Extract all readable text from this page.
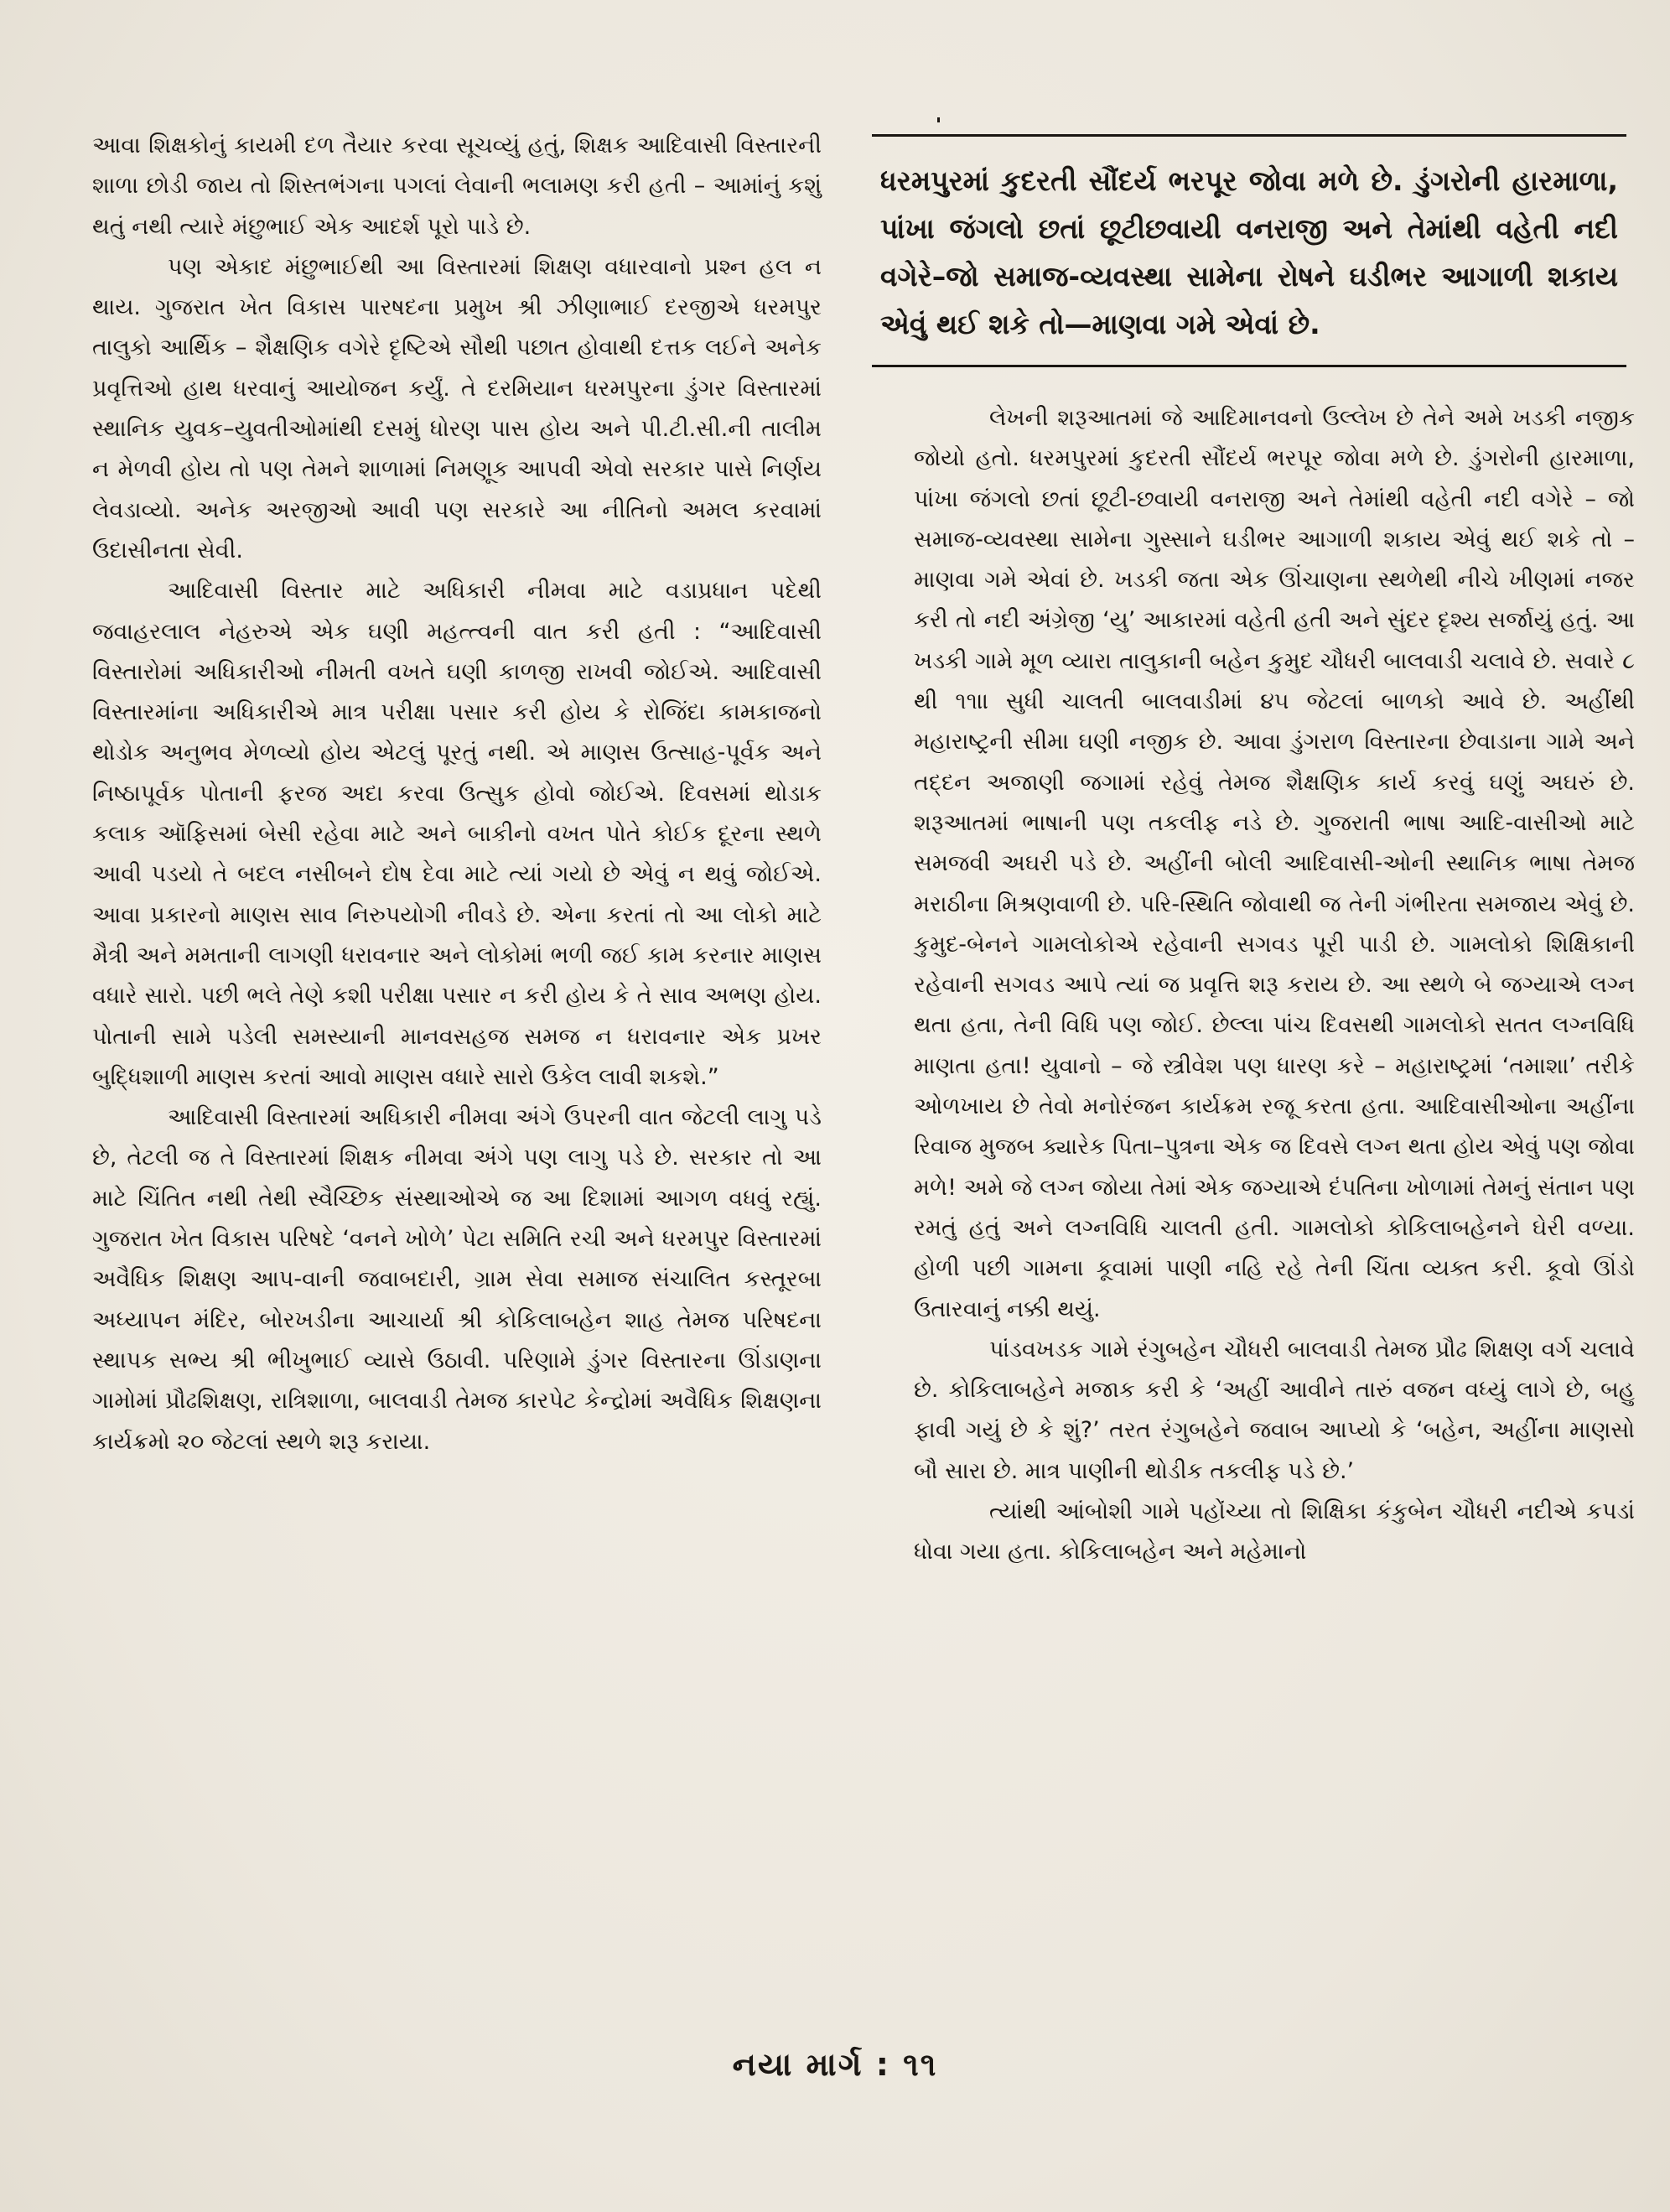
આવા શિક્ષકોનું કાયમી દળ તૈયાર કરવા સૂચવ્યું હતું, શિક્ષક આદિવાસી વિસ્તારની શાળા છોડી જાય તો શિસ્તભંગના પગલાં લેવાની ભલામણ કરી હતી – આમાંનું કશું થતું નથી ત્યારે મંછુભાઈ એક આદર્શ પૂરો પાડે છે.

પણ એકાદ મંછુભાઈથી આ વિસ્તારમાં શિક્ષણ વધારવાનો પ્રશ્ન હલ ન થાય. ગુજરાત ખેત વિકાસ પારષદના પ્રમુખ શ્રી ઝીણાભાઈ દરજીએ ધરમપુર તાલુકો આર્થિક – શૈક્ષણિક વગેરે દૃષ્ટિએ સૌથી પછાત હોવાથી દત્તક લઈને અનેક પ્રવૃત્તિઓ હાથ ધરવાનું આયોજન કર્યું. તે દરમિયાન ધરમપુરના ડુંગર વિસ્તારમાં સ્થાનિક યુવક–યુવતીઓમાંથી દસમું ધોરણ પાસ હોય અને પી.ટી.સી.ની તાલીમ ન મેળવી હોય તો પણ તેમને શાળામાં નિમણૂક આપવી એવો સરકાર પાસે નિર્ણય લેવડાવ્યો. અનેક અરજીઓ આવી પણ સરકારે આ નીતિનો અમલ કરવામાં ઉદાસીનતા સેવી.

આદિવાસી વિસ્તાર માટે અધિકારી નીમવા માટે વડાપ્રધાન પદેથી જવાહરલાલ નેહરુએ એક ઘણી મહત્ત્વની વાત કરી હતી : “આદિવાસી વિસ્તારોમાં અધિકારીઓ નીમતી વખતે ઘણી કાળજી રાખવી જોઈએ. આદિવાસી વિસ્તારમાંના અધિકારીએ માત્ર પરીક્ષા પસાર કરી હોય કે રોજિંદા કામકાજનો થોડોક અનુભવ મેળવ્યો હોય એટલું પૂરતું નથી. એ માણસ ઉત્સાહ-પૂર્વક અને નિષ્ઠાપૂર્વક પોતાની ફરજ અદા કરવા ઉત્સુક હોવો જોઈએ. દિવસમાં થોડાક કલાક ઑફિસમાં બેસી રહેવા માટે અને બાકીનો વખત પોતે કોઈક દૂરના સ્થળે આવી પડયો તે બદલ નસીબને દોષ દેવા માટે ત્યાં ગયો છે એવું ન થવું જોઈએ. આવા પ્રકારનો માણસ સાવ નિરુપયોગી નીવડે છે. એના કરતાં તો આ લોકો માટે મૈત્રી અને મમતાની લાગણી ધરાવનાર અને લોકોમાં ભળી જઈ કામ કરનાર માણસ વધારે સારો. પછી ભલે તેણે કશી પરીક્ષા પસાર ન કરી હોય કે તે સાવ અભણ હોય. પોતાની સામે પડેલી સમસ્યાની માનવસહજ સમજ ન ધરાવનાર એક પ્રખર બુદ્ધિશાળી માણસ કરતાં આવો માણસ વધારે સારો ઉકેલ લાવી શકશે.”

આદિવાસી વિસ્તારમાં અધિકારી નીમવા અંગે ઉપરની વાત જેટલી લાગુ પડે છે, તેટલી જ તે વિસ્તારમાં શિક્ષક નીમવા અંગે પણ લાગુ પડે છે. સરકાર તો આ માટે ચિંતિત નથી તેથી સ્વૈચ્છિક સંસ્થાઓએ જ આ દિશામાં આગળ વધવું રહ્યું. ગુજરાત ખેત વિકાસ પરિષદે ‘વનને ખોળે’ પેટા સમિતિ રચી અને ધરમપુર વિસ્તારમાં અવૈધિક શિક્ષણ આપ-વાની જવાબદારી, ગ્રામ સેવા સમાજ સંચાલિત કસ્તૂરબા અધ્યાપન મંદિર, બોરખડીના આચાર્યા શ્રી કોકિલાબહેન શાહ તેમજ પરિષદના સ્થાપક સભ્ય શ્રી ભીખુભાઈ વ્યાસે ઉઠાવી. પરિણામે ડુંગર વિસ્તારના ઊંડાણના ગામોમાં પ્રૌઢશિક્ષણ, રાત્રિશાળા, બાલવાડી તેમજ કારપેટ કેન્દ્રોમાં અવૈધિક શિક્ષણના કાર્યક્રમો ૨૦ જેટલાં સ્થળે શરૂ કરાયા.

ધરમપુરમાં કુદરતી સૌંદર્ય ભરપૂર જોવા મળે છે. ડુંગરોની હારમાળા, પાંખા જંગલો છતાં છૂટીછવાયી વનરાજી અને તેમાંથી વહેતી નદી વગેરે–જો સમાજ-વ્યવસ્થા સામેના રોષને ઘડીભર આગાળી શકાય એવું થઈ શકે તો—માણવા ગમે એવાં છે.

લેખની શરૂઆતમાં જે આદિમાનવનો ઉલ્લેખ છે તેને અમે ખડકી નજીક જોયો હતો. ધરમપુરમાં કુદરતી સૌંદર્ય ભરપૂર જોવા મળે છે. ડુંગરોની હારમાળા, પાંખા જંગલો છતાં છૂટી-છવાયી વનરાજી અને તેમાંથી વહેતી નદી વગેરે – જો સમાજ-વ્યવસ્થા સામેના ગુસ્સાને ઘડીભર આગાળી શકાય એવું થઈ શકે તો – માણવા ગમે એવાં છે. ખડકી જતા એક ઊંચાણના સ્થળેથી નીચે ખીણમાં નજર કરી તો નદી અંગ્રેજી ‘યુ’ આકારમાં વહેતી હતી અને સુંદર દૃશ્ય સર્જાયું હતું. આ ખડકી ગામે મૂળ વ્યારા તાલુકાની બહેન કુમુદ ચૌધરી બાલવાડી ચલાવે છે. સવારે ૮ થી ૧૧ાા સુધી ચાલતી બાલવાડીમાં ૪૫ જેટલાં બાળકો આવે છે. અહીંથી મહારાષ્ટ્રની સીમા ઘણી નજીક છે. આવા ડુંગરાળ વિસ્તારના છેવાડાના ગામે અને તદ્દન અજાણી જગામાં રહેવું તેમજ શૈક્ષણિક કાર્ય કરવું ઘણું અઘરું છે. શરૂઆતમાં ભાષાની પણ તકલીફ નડે છે. ગુજરાતી ભાષા આદિ-વાસીઓ માટે સમજવી અઘરી પડે છે. અહીંની બોલી આદિવાસી-ઓની સ્થાનિક ભાષા તેમજ મરાઠીના મિશ્રણવાળી છે. પરિ-સ્થિતિ જોવાથી જ તેની ગંભીરતા સમજાય એવું છે. કુમુદ-બેનને ગામલોકોએ રહેવાની સગવડ પૂરી પાડી છે. ગામલોકો શિક્ષિકાની રહેવાની સગવડ આપે ત્યાં જ પ્રવૃત્તિ શરૂ કરાય છે. આ સ્થળે બે જગ્યાએ લગ્ન થતા હતા, તેની વિધિ પણ જોઈ. છેલ્લા પાંચ દિવસથી ગામલોકો સતત લગ્નવિધિ માણતા હતા! યુવાનો – જે સ્ત્રીવેશ પણ ધારણ કરે – મહારાષ્ટ્રમાં ‘તમાશા’ તરીકે ઓળખાય છે તેવો મનોરંજન કાર્યક્રમ રજૂ કરતા હતા. આદિવાસીઓના અહીંના રિવાજ મુજબ ક્યારેક પિતા–પુત્રના એક જ દિવસે લગ્ન થતા હોય એવું પણ જોવા મળે! અમે જે લગ્ન જોયા તેમાં એક જગ્યાએ દંપતિના ખોળામાં તેમનું સંતાન પણ રમતું હતું અને લગ્નવિધિ ચાલતી હતી. ગામલોકો કોકિલાબહેનને ઘેરી વળ્યા. હોળી પછી ગામના કૂવામાં પાણી નહિ રહે તેની ચિંતા વ્યક્ત કરી. કૂવો ઊંડો ઉતારવાનું નક્કી થયું.

પાંડવખડક ગામે રંગુબહેન ચૌધરી બાલવાડી તેમજ પ્રૌઢ શિક્ષણ વર્ગ ચલાવે છે. કોકિલાબહેને મજાક કરી કે ‘અહીં આવીને તારું વજન વધ્યું લાગે છે, બહુ ફાવી ગયું છે કે શું?’ તરત રંગુબહેને જવાબ આપ્યો કે ‘બહેન, અહીંના માણસો બૌ સારા છે. માત્ર પાણીની થોડીક તકલીફ પડે છે.’

ત્યાંથી આંબોશી ગામે પહોંચ્યા તો શિક્ષિકા કંકુબેન ચૌધરી નદીએ કપડાં ધોવા ગયા હતા. કોકિલાબહેન અને મહેમાનો

નયા માર્ગ : ૧૧
